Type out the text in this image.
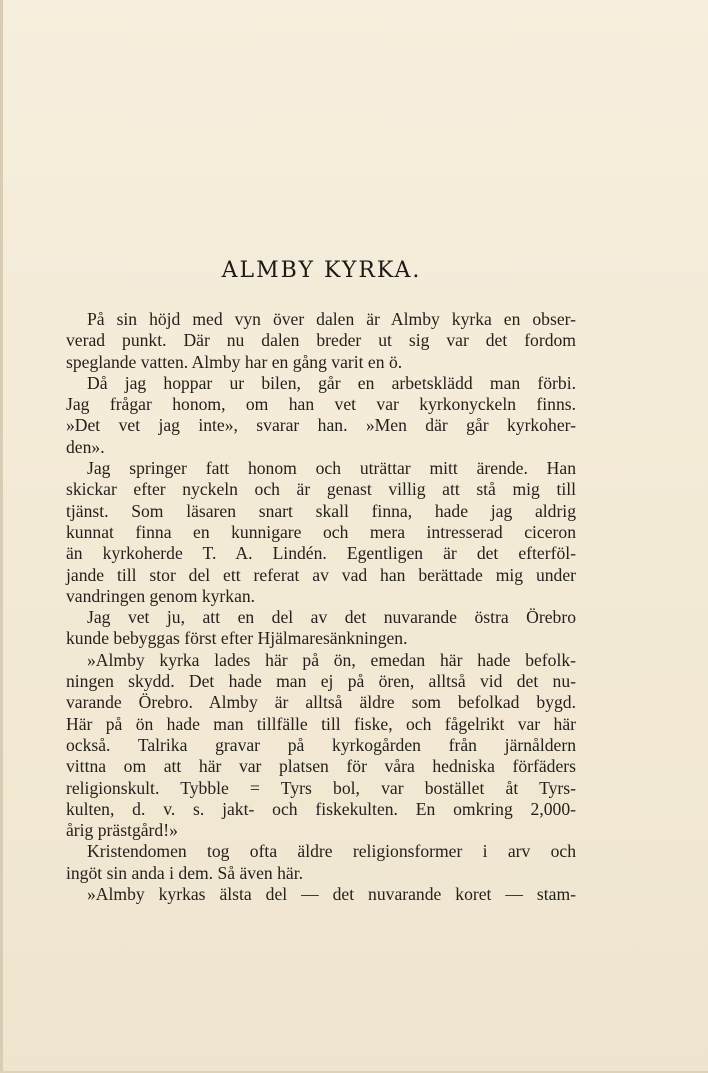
ALMBY KYRKA.
På sin höjd med vyn över dalen är Almby kyrka en obser-
verad punkt. Där nu dalen breder ut sig var det fordom
speglande vatten. Almby har en gång varit en ö.
Då jag hoppar ur bilen, går en arbetsklädd man förbi.
Jag frågar honom, om han vet var kyrkonyckeln finns.
»Det vet jag inte», svarar han. »Men där går kyrkoher-
den».
Jag springer fatt honom och uträttar mitt ärende. Han
skickar efter nyckeln och är genast villig att stå mig till
tjänst. Som läsaren snart skall finna, hade jag aldrig
kunnat finna en kunnigare och mera intresserad ciceron
än kyrkoherde T. A. Lindén. Egentligen är det efterföl-
jande till stor del ett referat av vad han berättade mig under
vandringen genom kyrkan.
Jag vet ju, att en del av det nuvarande östra Örebro
kunde bebyggas först efter Hjälmaresänkningen.
»Almby kyrka lades här på ön, emedan här hade befolk-
ningen skydd. Det hade man ej på ören, alltså vid det nu-
varande Örebro. Almby är alltså äldre som befolkad bygd.
Här på ön hade man tillfälle till fiske, och fågelrikt var här
också. Talrika gravar på kyrkogården från järnåldern
vittna om att här var platsen för våra hedniska förfäders
religionskult. Tybble = Tyrs bol, var bostället åt Tyrs-
kulten, d. v. s. jakt- och fiskekulten. En omkring 2,000-
årig prästgård!»
Kristendomen tog ofta äldre religionsformer i arv och
ingöt sin anda i dem. Så även här.
»Almby kyrkas älsta del — det nuvarande koret — stam-
